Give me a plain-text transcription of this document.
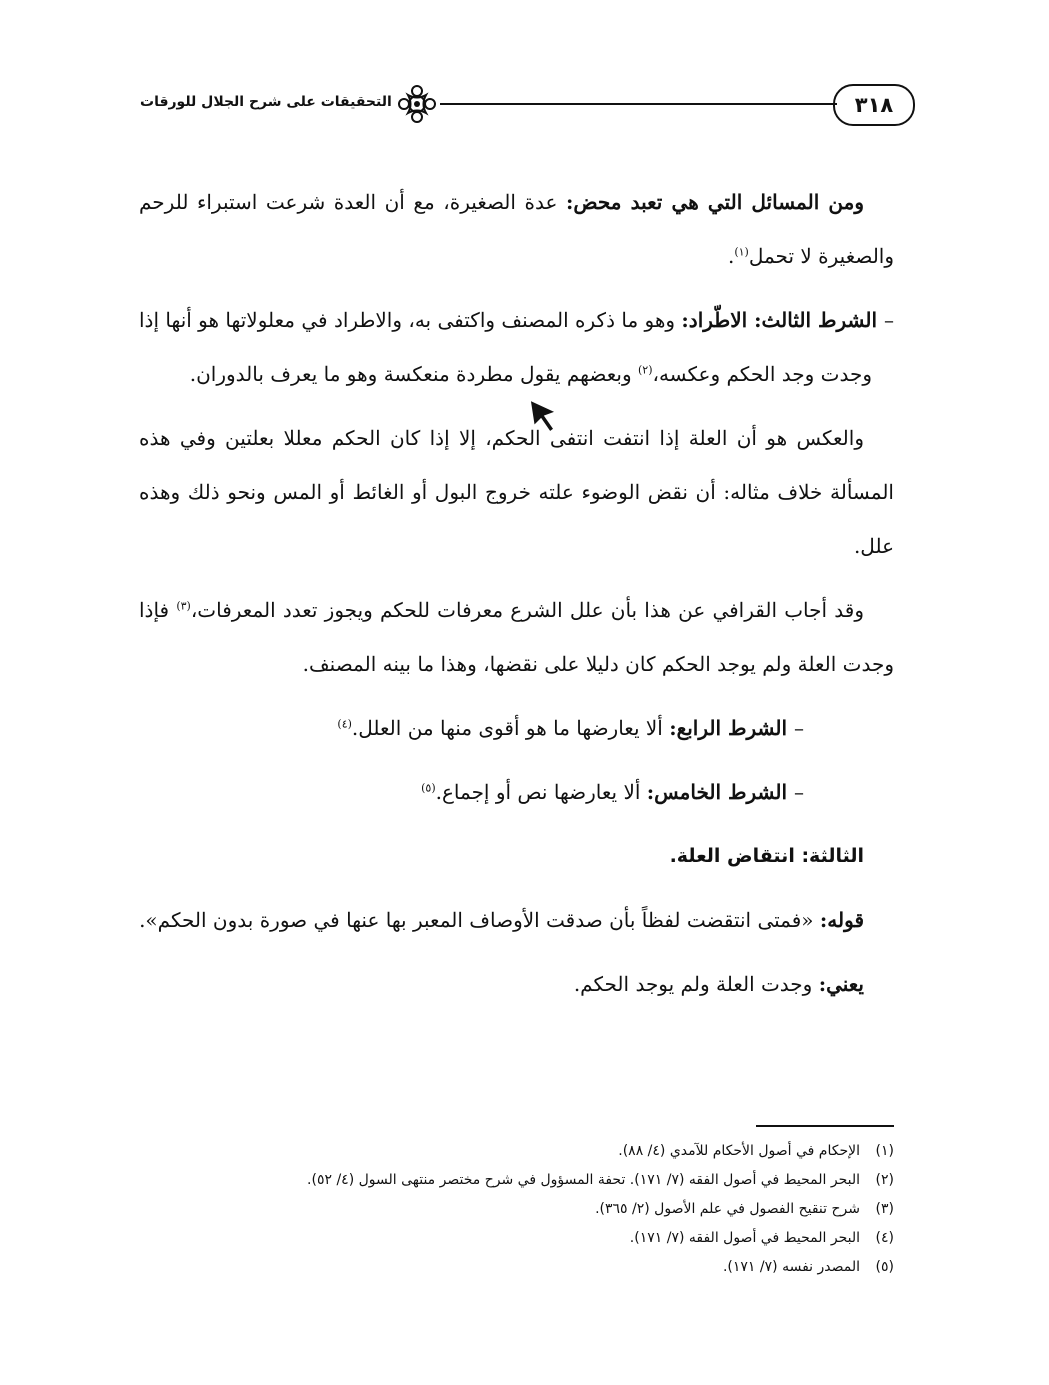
٣١٨
التحقيقات على شرح الجلال للورقات

ومن المسائل التي هي تعبد محض: عدة الصغيرة، مع أن العدة شرعت استبراء للرحم والصغيرة لا تحمل$^{(١)}$.

– الشرط الثالث: الاطّراد: وهو ما ذكره المصنف واكتفى به، والاطراد في معلولاتها هو أنها إذا وجدت وجد الحكم وعكسه،$^{(٢)}$ وبعضهم يقول مطردة منعكسة وهو ما يعرف بالدوران.

والعكس هو أن العلة إذا انتفت انتفى الحكم، إلا إذا كان الحكم معللا بعلتين وفي هذه المسألة خلاف مثاله: أن نقض الوضوء علته خروج البول أو الغائط أو المس ونحو ذلك وهذه علل.

وقد أجاب القرافي عن هذا بأن علل الشرع معرفات للحكم ويجوز تعدد المعرفات،$^{(٣)}$ فإذا وجدت العلة ولم يوجد الحكم كان دليلا على نقضها، وهذا ما بينه المصنف.

– الشرط الرابع: ألا يعارضها ما هو أقوى منها من العلل.$^{(٤)}$

– الشرط الخامس: ألا يعارضها نص أو إجماع.$^{(٥)}$

الثالثة: انتقاض العلة.

قوله: «فمتى انتقضت لفظاً بأن صدقت الأوصاف المعبر بها عنها في صورة بدون الحكم».

يعني: وجدت العلة ولم يوجد الحكم.

(١)الإحكام في أصول الأحكام للآمدي (٤/ ٨٨).
(٢)البحر المحيط في أصول الفقه (٧/ ١٧١). تحفة المسؤول في شرح مختصر منتهى السول (٤/ ٥٢).
(٣)شرح تنقيح الفصول في علم الأصول (٢/ ٣٦٥).
(٤)البحر المحيط في أصول الفقه (٧/ ١٧١).
(٥)المصدر نفسه (٧/ ١٧١).
